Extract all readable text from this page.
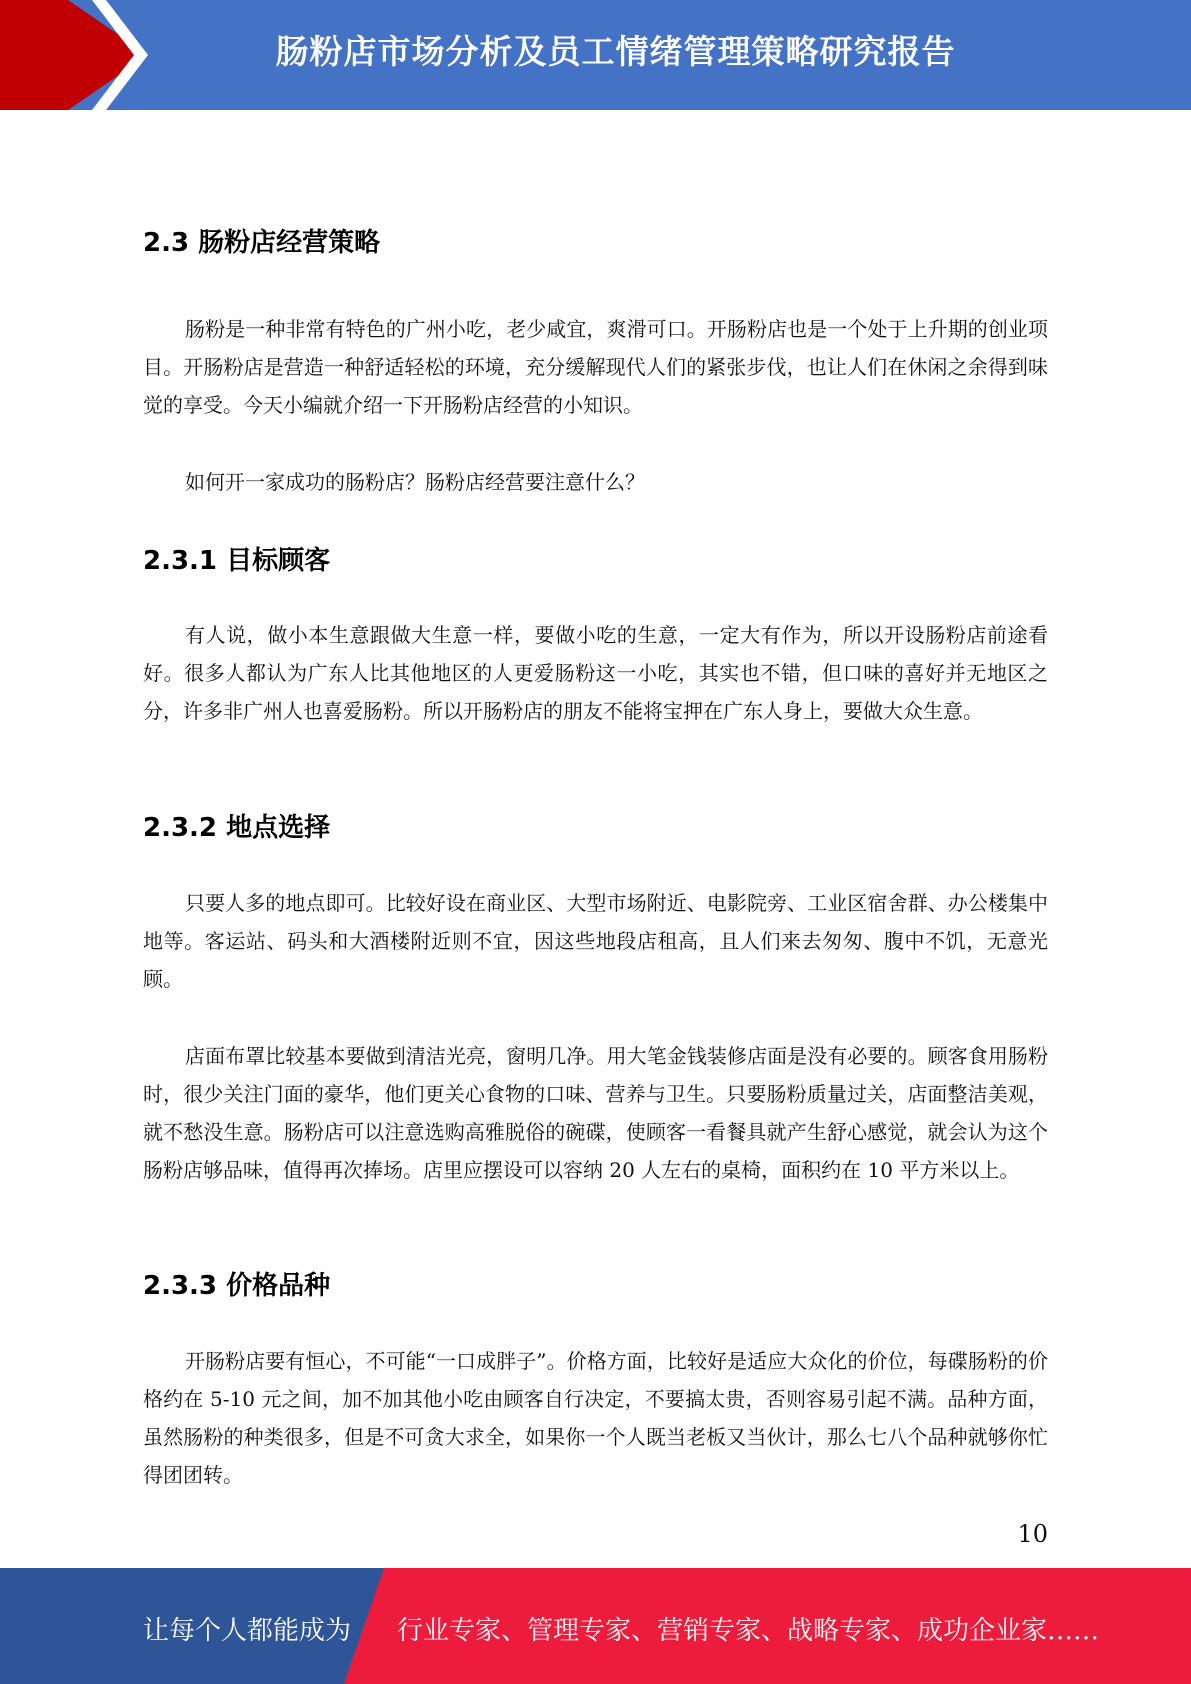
肠粉店市场分析及员工情绪管理策略研究报告
2.3 肠粉店经营策略

肠粉是一种非常有特色的广州小吃，老少咸宜，爽滑可口。开肠粉店也是一个处于上升期的创业项目。开肠粉店是营造一种舒适轻松的环境，充分缓解现代人们的紧张步伐，也让人们在休闲之余得到味觉的享受。今天小编就介绍一下开肠粉店经营的小知识。

如何开一家成功的肠粉店？肠粉店经营要注意什么？

2.3.1 目标顾客

有人说，做小本生意跟做大生意一样，要做小吃的生意，一定大有作为，所以开设肠粉店前途看好。很多人都认为广东人比其他地区的人更爱肠粉这一小吃，其实也不错，但口味的喜好并无地区之分，许多非广州人也喜爱肠粉。所以开肠粉店的朋友不能将宝押在广东人身上，要做大众生意。

2.3.2 地点选择

只要人多的地点即可。比较好设在商业区、大型市场附近、电影院旁、工业区宿舍群、办公楼集中地等。客运站、码头和大酒楼附近则不宜，因这些地段店租高，且人们来去匆匆、腹中不饥，无意光顾。

店面布罩比较基本要做到清洁光亮，窗明几净。用大笔金钱装修店面是没有必要的。顾客食用肠粉时，很少关注门面的豪华，他们更关心食物的口味、营养与卫生。只要肠粉质量过关，店面整洁美观，就不愁没生意。肠粉店可以注意选购高雅脱俗的碗碟，使顾客一看餐具就产生舒心感觉，就会认为这个肠粉店够品味，值得再次捧场。店里应摆设可以容纳 20 人左右的桌椅，面积约在 10 平方米以上。

2.3.3 价格品种

开肠粉店要有恒心，不可能“一口成胖子”。价格方面，比较好是适应大众化的价位，每碟肠粉的价格约在 5-10 元之间，加不加其他小吃由顾客自行决定，不要搞太贵，否则容易引起不满。品种方面，虽然肠粉的种类很多，但是不可贪大求全，如果你一个人既当老板又当伙计，那么七八个品种就够你忙得团团转。

10
让每个人都能成为 行业专家、管理专家、营销专家、战略专家、成功企业家……
